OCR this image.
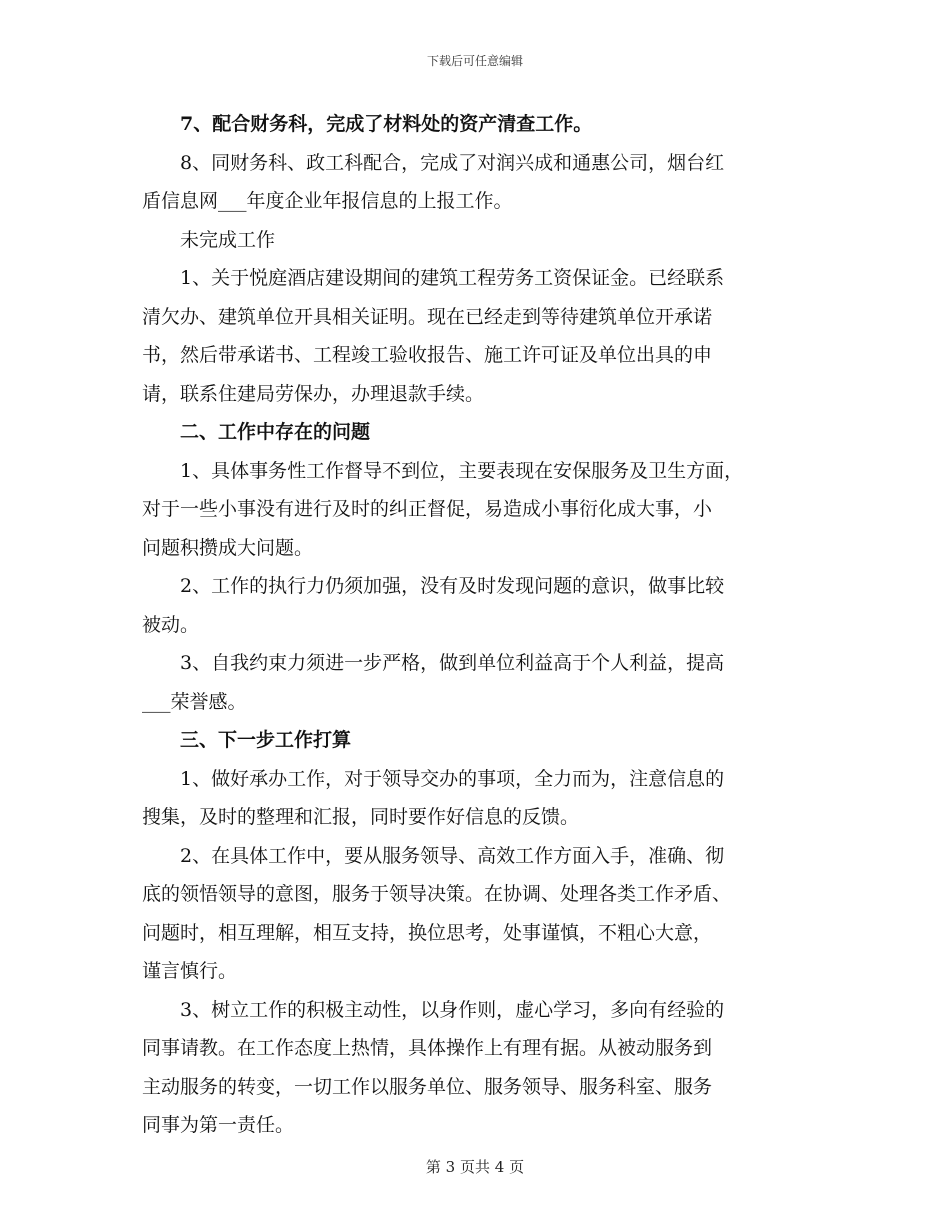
下载后可任意编辑
7、配合财务科，完成了材料处的资产清查工作。
8、同财务科、政工科配合，完成了对润兴成和通惠公司，烟台红
盾信息网___年度企业年报信息的上报工作。
未完成工作
1、关于悦庭酒店建设期间的建筑工程劳务工资保证金。已经联系
清欠办、建筑单位开具相关证明。现在已经走到等待建筑单位开承诺
书，然后带承诺书、工程竣工验收报告、施工许可证及单位出具的申
请，联系住建局劳保办，办理退款手续。
二、工作中存在的问题
1、具体事务性工作督导不到位，主要表现在安保服务及卫生方面，
对于一些小事没有进行及时的纠正督促，易造成小事衍化成大事，小
问题积攒成大问题。
2、工作的执行力仍须加强，没有及时发现问题的意识，做事比较
被动。
3、自我约束力须进一步严格，做到单位利益高于个人利益，提高
___荣誉感。
三、下一步工作打算
1、做好承办工作，对于领导交办的事项，全力而为，注意信息的
搜集，及时的整理和汇报，同时要作好信息的反馈。
2、在具体工作中，要从服务领导、高效工作方面入手，准确、彻
底的领悟领导的意图，服务于领导决策。在协调、处理各类工作矛盾、
问题时，相互理解，相互支持，换位思考，处事谨慎，不粗心大意，
谨言慎行。
3、树立工作的积极主动性，以身作则，虚心学习，多向有经验的
同事请教。在工作态度上热情，具体操作上有理有据。从被动服务到
主动服务的转变，一切工作以服务单位、服务领导、服务科室、服务
同事为第一责任。
第 3 页共 4 页
